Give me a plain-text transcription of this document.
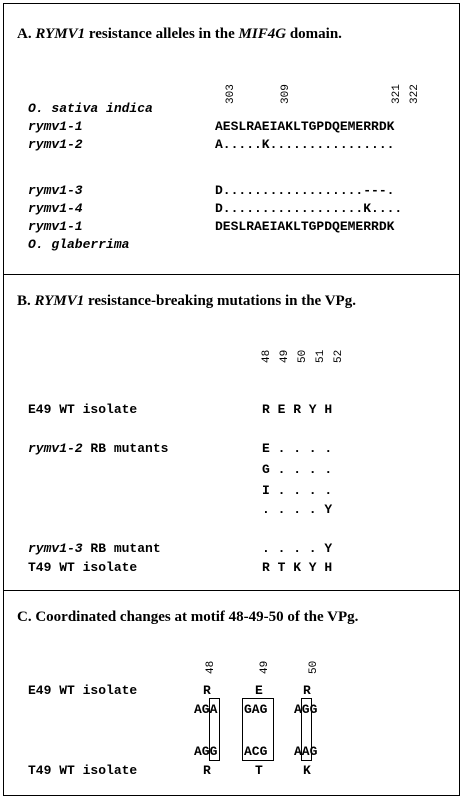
A. RYMV1 resistance alleles in the MIF4G domain.
303	309	321 322
O. sativa indica
rymv1-1	AESLRAEIAKLTGPDQEMERRDK
rymv1-2	A.....K................
rymv1-3	D..................---.
rymv1-4	D..................K....
rymv1-1	DESLRAEIAKLTGPDQEMERRDK
O. glaberrima
B. RYMV1 resistance-breaking mutations in the VPg.
48 49 50 51 52
E49 WT isolate	R E R Y H
rymv1-2 RB mutants	E . . . .
G . . . .
I . . . .
. . . . Y
rymv1-3 RB mutant	. . . . Y
T49 WT isolate	R T K Y H
C. Coordinated changes at motif 48-49-50 of the VPg.
48	49	50
E49 WT isolate	R	E	R
AGA GAG AGG
AGG ACG AAG
T49 WT isolate	R	T	K
